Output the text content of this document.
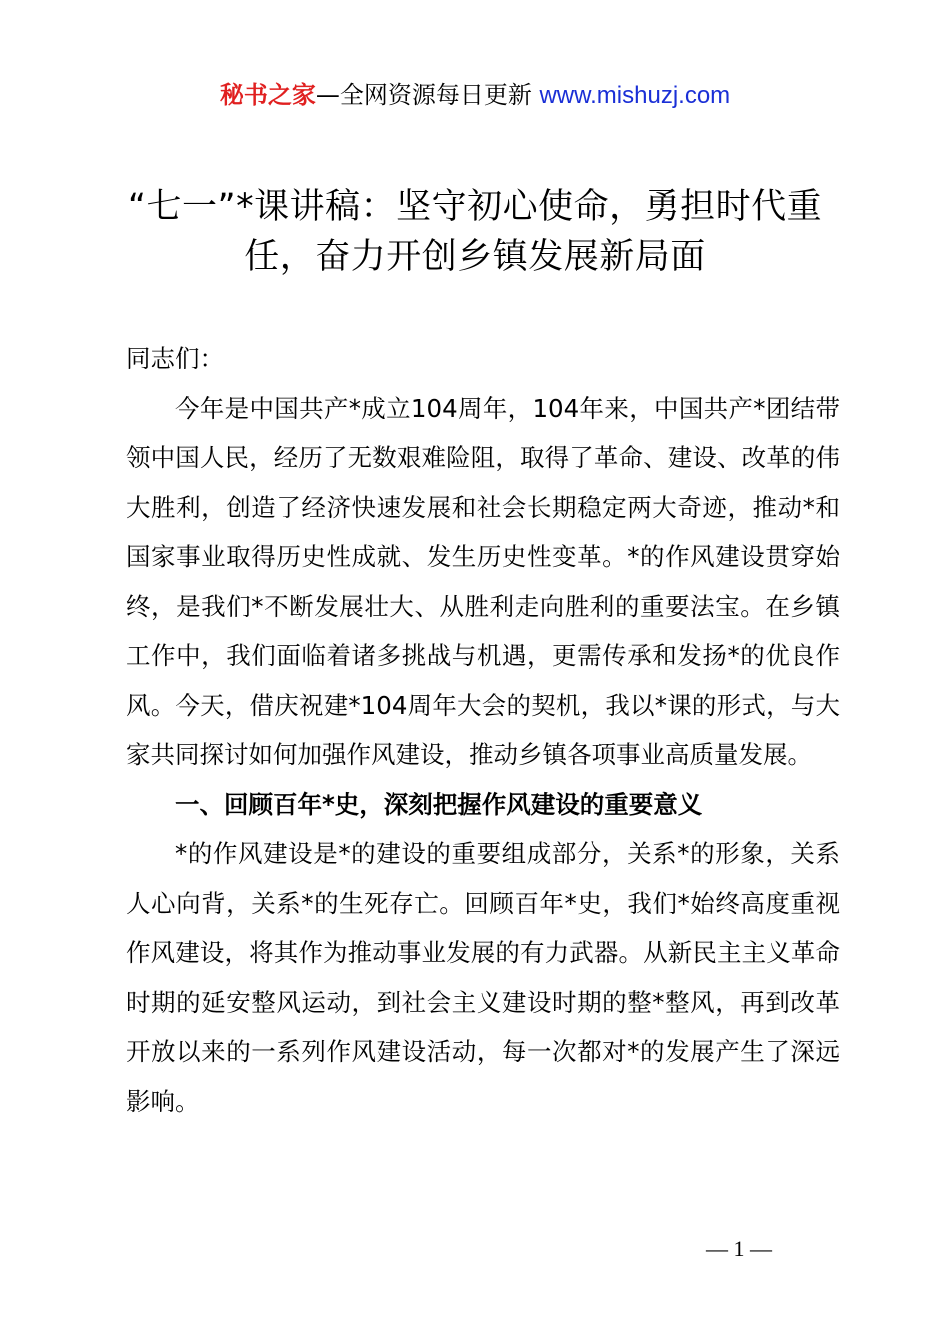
秘书之家—全网资源每日更新 www.mishuzj.com
“七一”*课讲稿：坚守初心使命，勇担时代重
任，奋力开创乡镇发展新局面

同志们：

今年是中国共产*成立104周年，104年来，中国共产*团结带领中国人民，经历了无数艰难险阻，取得了革命、建设、改革的伟大胜利，创造了经济快速发展和社会长期稳定两大奇迹，推动*和国家事业取得历史性成就、发生历史性变革。*的作风建设贯穿始终，是我们*不断发展壮大、从胜利走向胜利的重要法宝。在乡镇工作中，我们面临着诸多挑战与机遇，更需传承和发扬*的优良作风。今天，借庆祝建*104周年大会的契机，我以*课的形式，与大家共同探讨如何加强作风建设，推动乡镇各项事业高质量发展。

一、回顾百年*史，深刻把握作风建设的重要意义

*的作风建设是*的建设的重要组成部分，关系*的形象，关系人心向背，关系*的生死存亡。回顾百年*史，我们*始终高度重视作风建设，将其作为推动事业发展的有力武器。从新民主主义革命时期的延安整风运动，到社会主义建设时期的整*整风，再到改革开放以来的一系列作风建设活动，每一次都对*的发展产生了深远影响。

— 1 —
